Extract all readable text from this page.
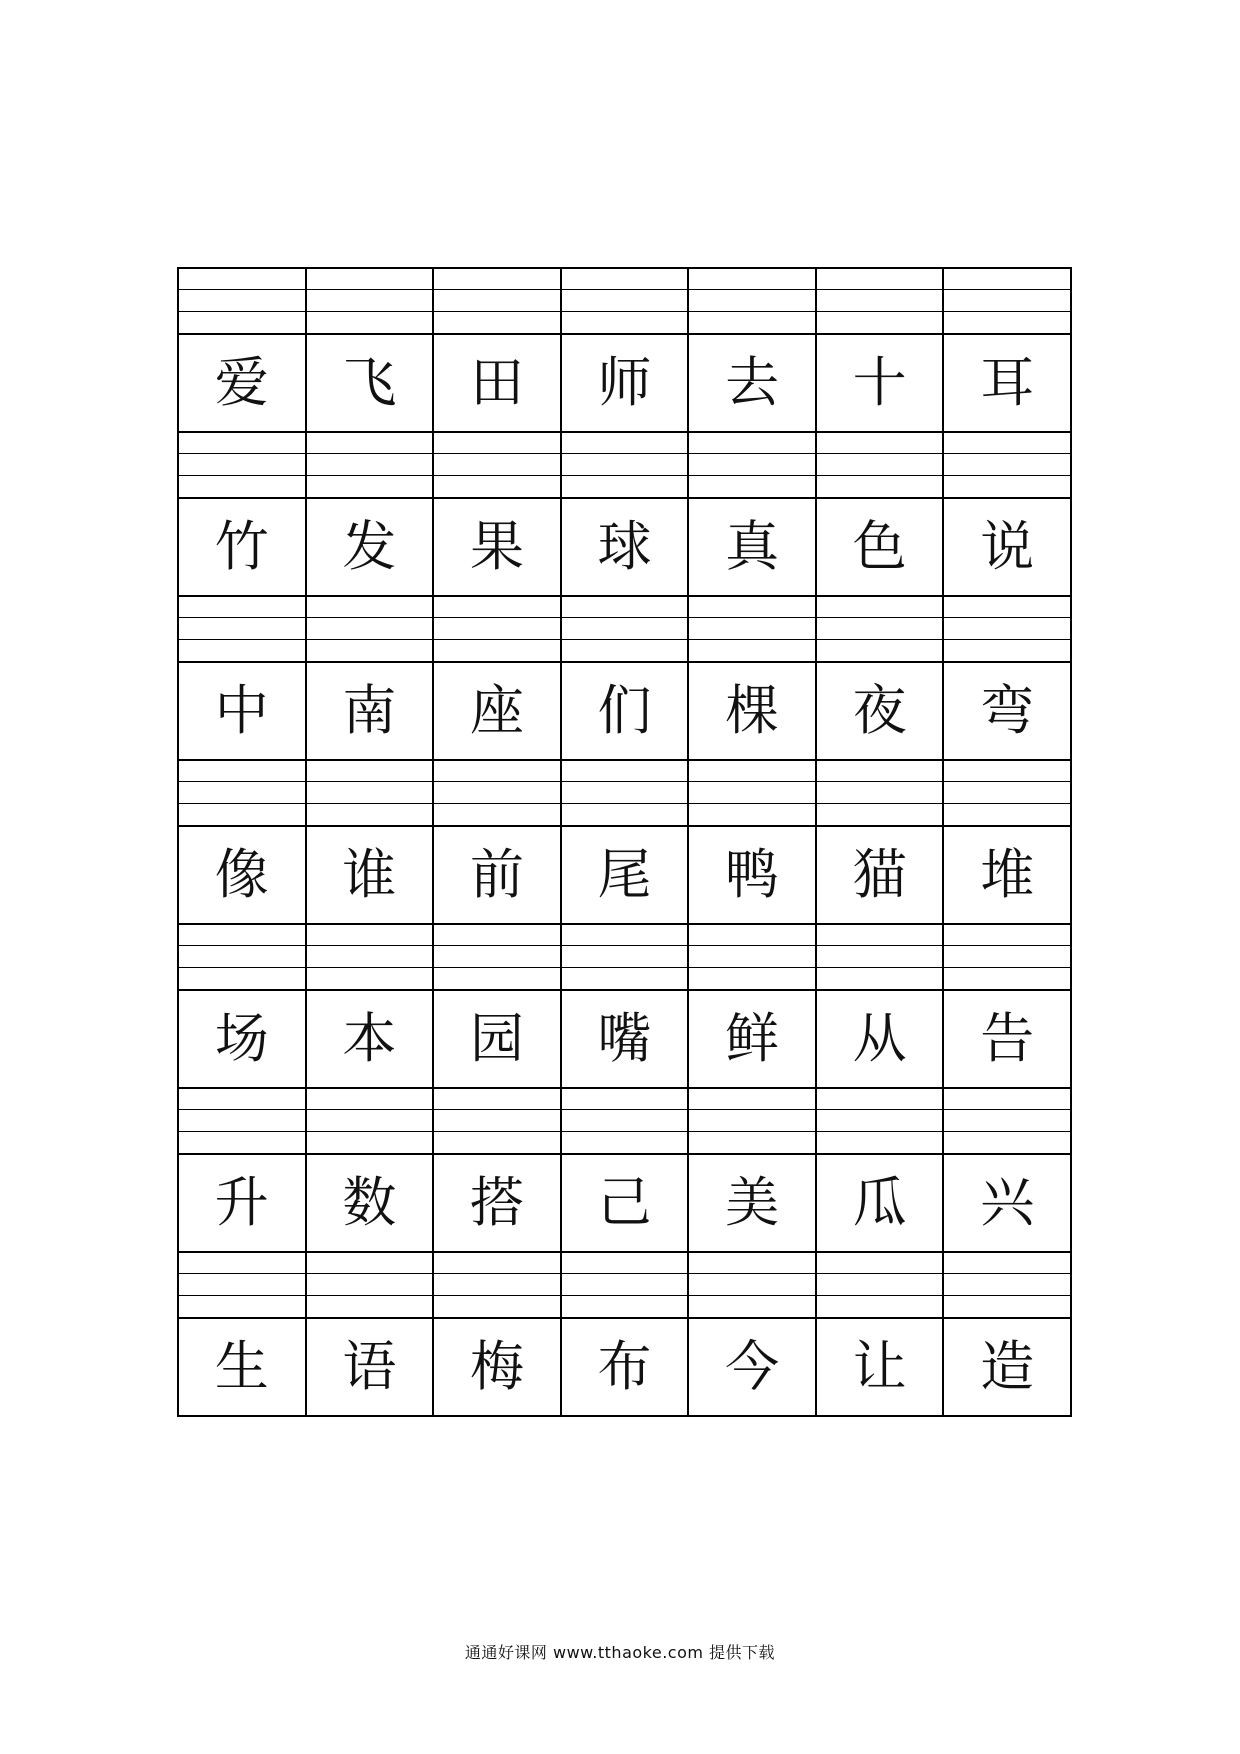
爱	飞	田	师	去	十	耳
竹	发	果	球	真	色	说
中	南	座	们	棵	夜	弯
像	谁	前	尾	鸭	猫	堆
场	本	园	嘴	鲜	从	告
升	数	搭	己	美	瓜	兴
生	语	梅	布	今	让	造
通通好课网 www.tthaoke.com 提供下载
